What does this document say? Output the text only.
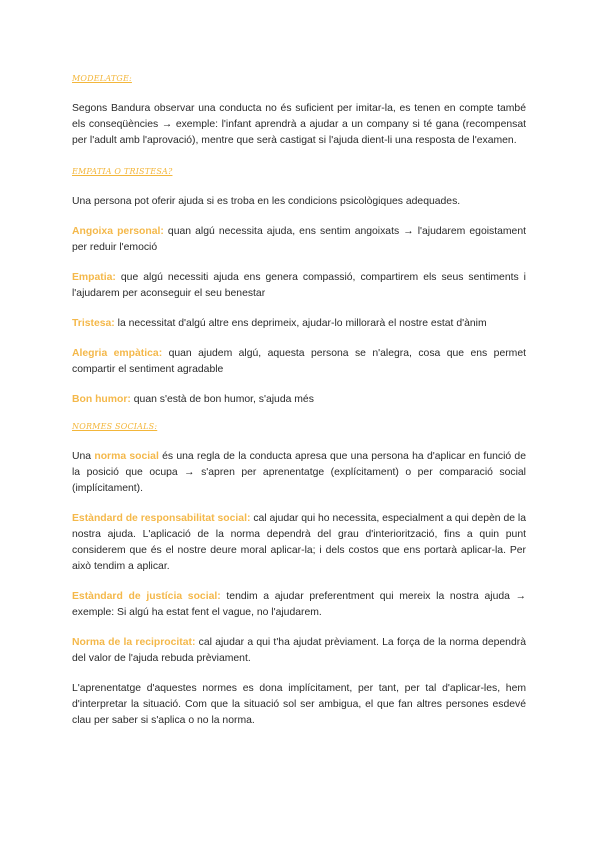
MODELATGE:

Segons Bandura observar una conducta no és suficient per imitar-la, es tenen en compte també els conseqüències → exemple: l'infant aprendrà a ajudar a un company si té gana (recompensat per l'adult amb l'aprovació), mentre que serà castigat si l'ajuda dient-li una resposta de l'examen.

EMPATIA O TRISTESA?

Una persona pot oferir ajuda si es troba en les condicions psicològiques adequades.

Angoixa personal: quan algú necessita ajuda, ens sentim angoixats → l'ajudarem egoistament per reduir l'emoció

Empatia: que algú necessiti ajuda ens genera compassió, compartirem els seus sentiments i l'ajudarem per aconseguir el seu benestar

Tristesa: la necessitat d'algú altre ens deprimeix, ajudar-lo millorarà el nostre estat d'ànim

Alegria empàtica: quan ajudem algú, aquesta persona se n'alegra, cosa que ens permet compartir el sentiment agradable

Bon humor: quan s'està de bon humor, s'ajuda més

NORMES SOCIALS:

Una norma social és una regla de la conducta apresa que una persona ha d'aplicar en funció de la posició que ocupa → s'apren per aprenentatge (explícitament) o per comparació social (implícitament).

Estàndard de responsabilitat social: cal ajudar qui ho necessita, especialment a qui depèn de la nostra ajuda. L'aplicació de la norma dependrà del grau d'interiorització, fins a quin punt considerem que és el nostre deure moral aplicar-la; i dels costos que ens portarà aplicar-la. Per això tendim a aplicar.

Estàndard de justícia social: tendim a ajudar preferentment qui mereix la nostra ajuda → exemple: Si algú ha estat fent el vague, no l'ajudarem.

Norma de la reciprocitat: cal ajudar a qui t'ha ajudat prèviament. La força de la norma dependrà del valor de l'ajuda rebuda prèviament.

L'aprenentatge d'aquestes normes es dona implícitament, per tant, per tal d'aplicar-les, hem d'interpretar la situació. Com que la situació sol ser ambigua, el que fan altres persones esdevé clau per saber si s'aplica o no la norma.
